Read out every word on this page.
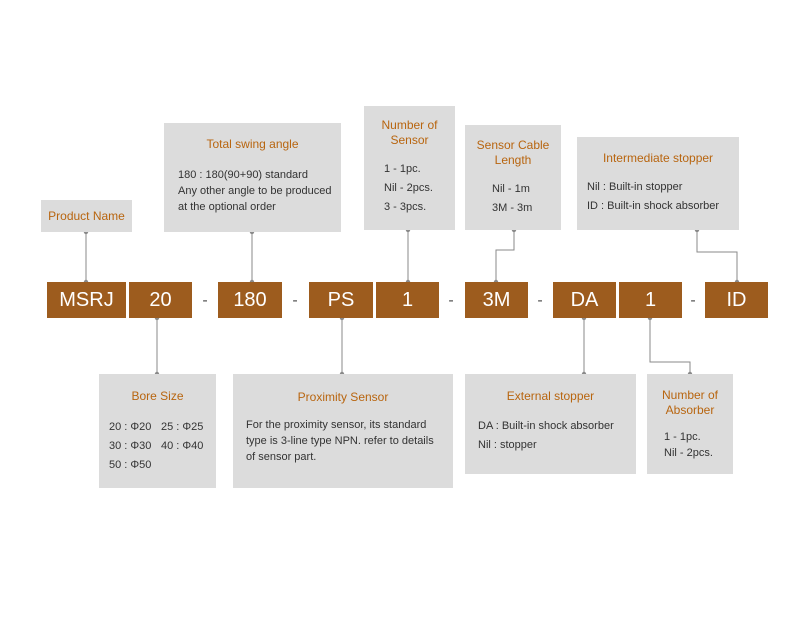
Product Name
Total swing angle
180 : 180(90+90) standard
Any other angle to be produced
at the optional order
Number of
Sensor
1 - 1pc.
Nil - 2pcs.
3 - 3pcs.
Sensor Cable
Length
Nil - 1m
3M - 3m
Intermediate stopper
Nil : Built-in stopper
ID : Built-in shock absorber
MSRJ	20	-	180	-	PS	1	-	3M	-	DA	1	-	ID
Bore Size
20 : Φ20 25 : Φ25
30 : Φ30 40 : Φ40
50 : Φ50
Proximity Sensor
For the proximity sensor, its standard
type is 3-line type NPN. refer to details
of sensor part.
External stopper
DA : Built-in shock absorber
Nil : stopper
Number of
Absorber
1 - 1pc.
Nil - 2pcs.
